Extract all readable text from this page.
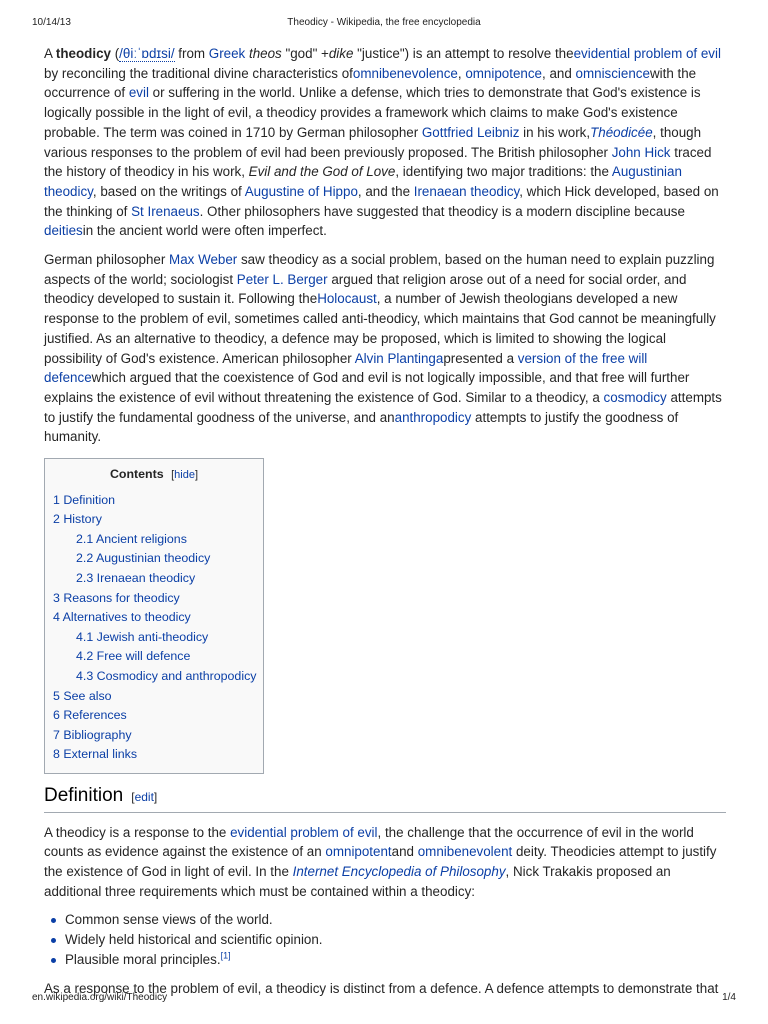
10/14/13	Theodicy - Wikipedia, the free encyclopedia

A theodicy (/θiːˈɒdɪsi/ from Greek theos "god" +dike "justice") is an attempt to resolve theevidential problem of evil by reconciling the traditional divine characteristics ofomnibenevolence, omnipotence, and omnisciencewith the occurrence of evil or suffering in the world. Unlike a defense, which tries to demonstrate that God's existence is logically possible in the light of evil, a theodicy provides a framework which claims to make God's existence probable. The term was coined in 1710 by German philosopher Gottfried Leibniz in his work,Théodicée, though various responses to the problem of evil had been previously proposed. The British philosopher John Hick traced the history of theodicy in his work, Evil and the God of Love, identifying two major traditions: the Augustinian theodicy, based on the writings of Augustine of Hippo, and the Irenaean theodicy, which Hick developed, based on the thinking of St Irenaeus. Other philosophers have suggested that theodicy is a modern discipline because deitiesin the ancient world were often imperfect.

German philosopher Max Weber saw theodicy as a social problem, based on the human need to explain puzzling aspects of the world; sociologist Peter L. Berger argued that religion arose out of a need for social order, and theodicy developed to sustain it. Following theHolocaust, a number of Jewish theologians developed a new response to the problem of evil, sometimes called anti-theodicy, which maintains that God cannot be meaningfully justified. As an alternative to theodicy, a defence may be proposed, which is limited to showing the logical possibility of God's existence. American philosopher Alvin Plantingapresented a version of the free will defencewhich argued that the coexistence of God and evil is not logically impossible, and that free will further explains the existence of evil without threatening the existence of God. Similar to a theodicy, a cosmodicy attempts to justify the fundamental goodness of the universe, and ananthropodicy attempts to justify the goodness of humanity.

Contents [hide]
1 Definition
2 History
2.1 Ancient religions
2.2 Augustinian theodicy
2.3 Irenaean theodicy
3 Reasons for theodicy
4 Alternatives to theodicy
4.1 Jewish anti-theodicy
4.2 Free will defence
4.3 Cosmodicy and anthropodicy
5 See also
6 References
7 Bibliography
8 External links
Definition [edit]

A theodicy is a response to the evidential problem of evil, the challenge that the occurrence of evil in the world counts as evidence against the existence of an omnipotentand omnibenevolent deity. Theodicies attempt to justify the existence of God in light of evil. In the Internet Encyclopedia of Philosophy, Nick Trakakis proposed an additional three requirements which must be contained within a theodicy:

Common sense views of the world.
Widely held historical and scientific opinion.
Plausible moral principles.[1]

As a response to the problem of evil, a theodicy is distinct from a defence. A defence attempts to demonstrate that

en.wikipedia.org/wiki/Theodicy	1/4
